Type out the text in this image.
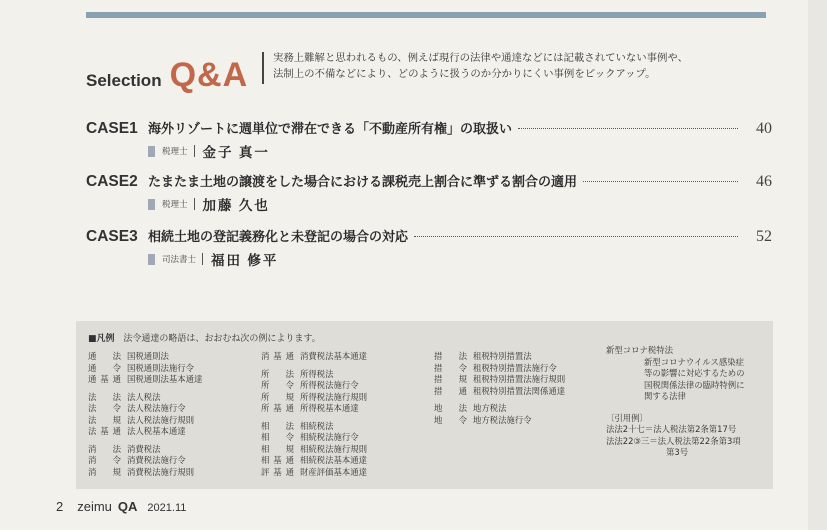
Selection Q&A 実務上難解と思われるもの、例えば現行の法律や通達などには記載されていない事例や、
法制上の不備などにより、どのように扱うのか分かりにくい事例をピックアップ。
CASE1 海外リゾートに週単位で滞在できる「不動産所有権」の取扱い	40
税理士 金子 真一
CASE2 たまたま土地の譲渡をした場合における課税売上割合に準ずる割合の適用	46
税理士 加藤 久也
CASE3 相続土地の登記義務化と未登記の場合の対応	52
司法書士 福田 修平
■凡例 法令通達の略語は、おおむね次の例によります。
通法 国税通則法
通令 国税通則法施行令
通基通 国税通則法基本通達
法法 法人税法
法令 法人税法施行令
法規 法人税法施行規則
法基通 法人税基本通達
消法 消費税法
消令 消費税法施行令
消規 消費税法施行規則
消基通 消費税法基本通達
所法 所得税法
所令 所得税法施行令
所規 所得税法施行規則
所基通 所得税基本通達
相法 相続税法
相令 相続税法施行令
相規 相続税法施行規則
相基通 相続税法基本通達
評基通 財産評価基本通達
措法 租税特別措置法
措令 租税特別措置法施行令
措規 租税特別措置法施行規則
措通 租税特別措置法関係通達
地法 地方税法
地令 地方税法施行令
新型コロナ税特法
新型コロナウイルス感染症
等の影響に対応するための
国税関係法律の臨時特例に
関する法律
〔引用例〕
法法2十七＝法人税法第2条第17号
法法22③三＝法人税法第22条第3項
第3号
2 zeimu QA 2021.11
